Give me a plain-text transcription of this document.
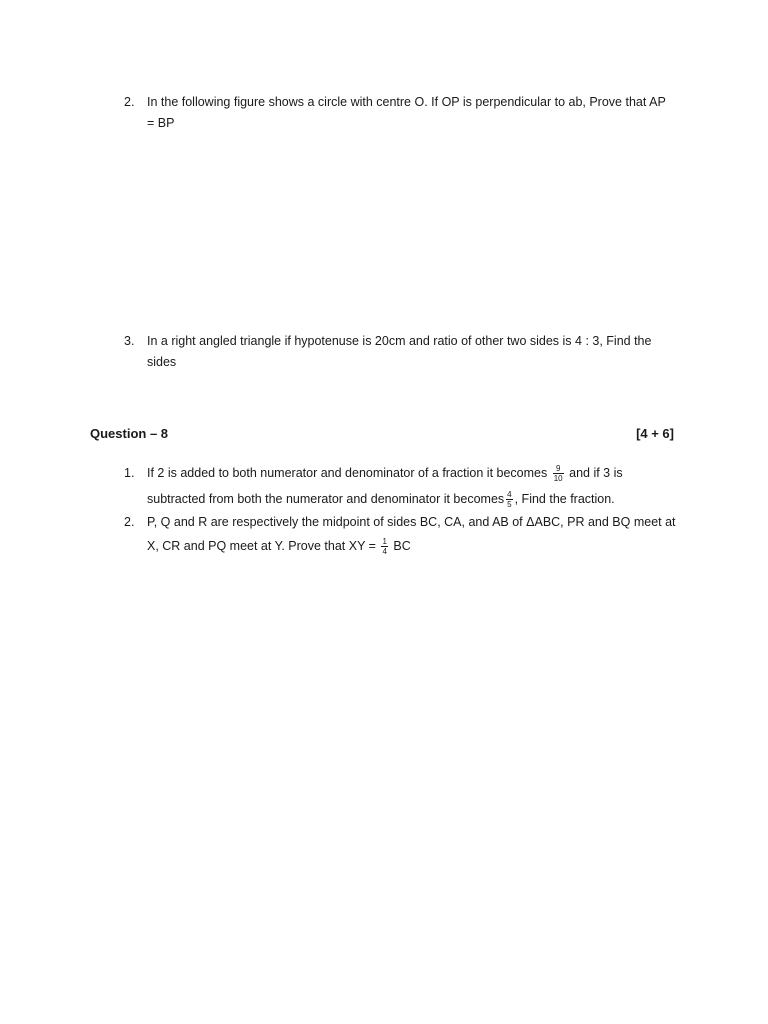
2.	In the following figure shows a circle with centre O. If OP is perpendicular to ab, Prove that AP
= BP
3.	In a right angled triangle if hypotenuse is 20cm and ratio of other two sides is 4 : 3, Find the
sides
Question – 8	[4 + 6]
1.	If 2 is added to both numerator and denominator of a fraction it becomes $\frac{9}{10}$ and if 3 is
subtracted from both the numerator and denominator it becomes $\frac{4}{5}$ , Find the fraction.
2.	P, Q and R are respectively the midpoint of sides BC, CA, and AB of ΔABC, PR and BQ meet at
X, CR and PQ meet at Y. Prove that XY = $\frac{1}{4}$ BC
